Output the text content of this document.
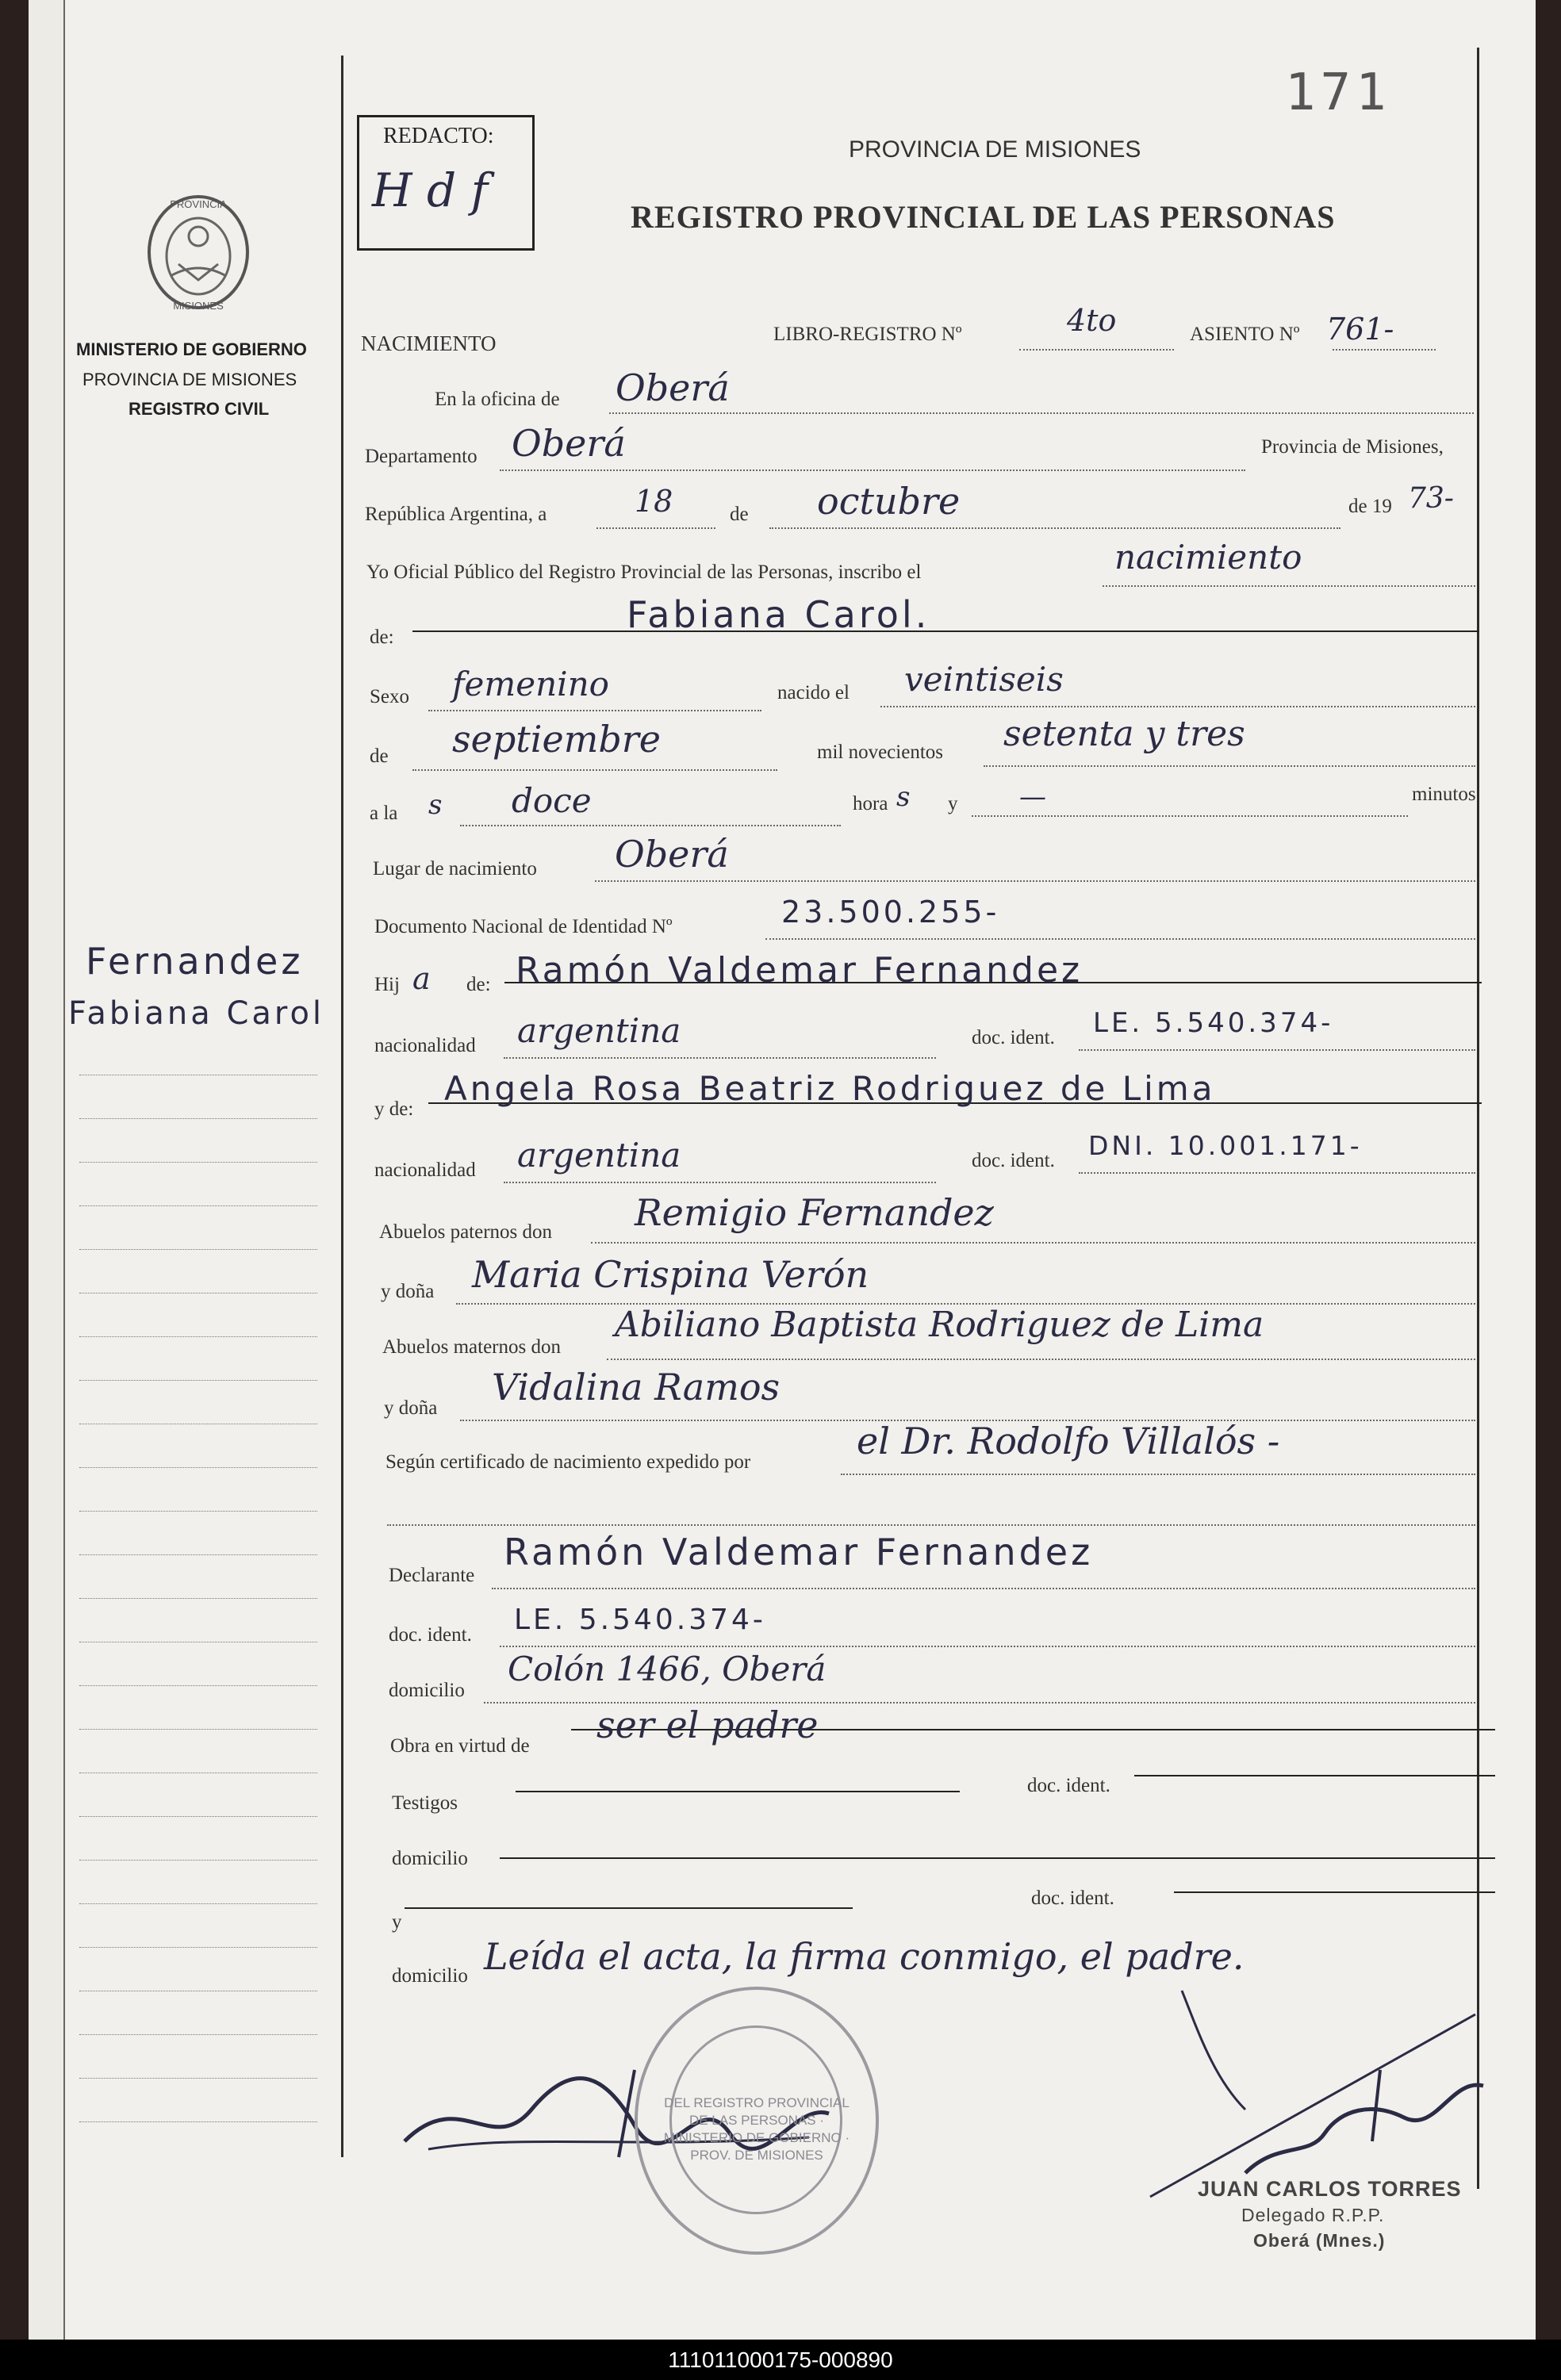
171
REDACTO:
H d f
PROVINCIA DE MISIONES
REGISTRO PROVINCIAL DE LAS PERSONAS
PROVINCIA
MISIONES
MINISTERIO DE GOBIERNO
PROVINCIA DE MISIONES
REGISTRO CIVIL
Fernandez
Fabiana Carol
NACIMIENTO	LIBRO-REGISTRO Nº	4to	ASIENTO Nº 761-
En la oficina de Oberá
Departamento Oberá	Provincia de Misiones,
República Argentina, a	18	de octubre	de 19 73-
Yo Oficial Público del Registro Provincial de las Personas, inscribo el	nacimiento
de:
Fabiana Carol.
Sexo femenino	nacido el veintiseis
de septiembre	mil novecientos setenta y tres
a la s doce	hora s y —	minutos
Lugar de nacimiento Oberá
Documento Nacional de Identidad Nº	23.500.255-
Hij a de: Ramón Valdemar Fernandez
nacionalidad argentina	doc. ident. LE. 5.540.374-
y de:
Angela Rosa Beatriz Rodriguez de Lima
nacionalidad argentina	doc. ident. DNI. 10.001.171-
Abuelos paternos don Remigio Fernandez
y doña Maria Crispina Verón
Abuelos maternos don
Abiliano Baptista Rodriguez de Lima
y doña Vidalina Ramos
Según certificado de nacimiento expedido por	el Dr. Rodolfo Villalós -
Declarante
Ramón Valdemar Fernandez
doc. ident. LE. 5.540.374-
domicilio
Colón 1466, Oberá
Obra en virtud de ser el padre
Testigos
doc. ident.
domicilio
y
doc. ident.
domicilio Leída el acta, la firma conmigo, el padre.
DEL REGISTRO PROVINCIAL DE LAS PERSONAS · MINISTERIO DE GOBIERNO · PROV. DE MISIONES
JUAN CARLOS TORRES
Delegado R.P.P.
Oberá (Mnes.)
111011000175-000890
